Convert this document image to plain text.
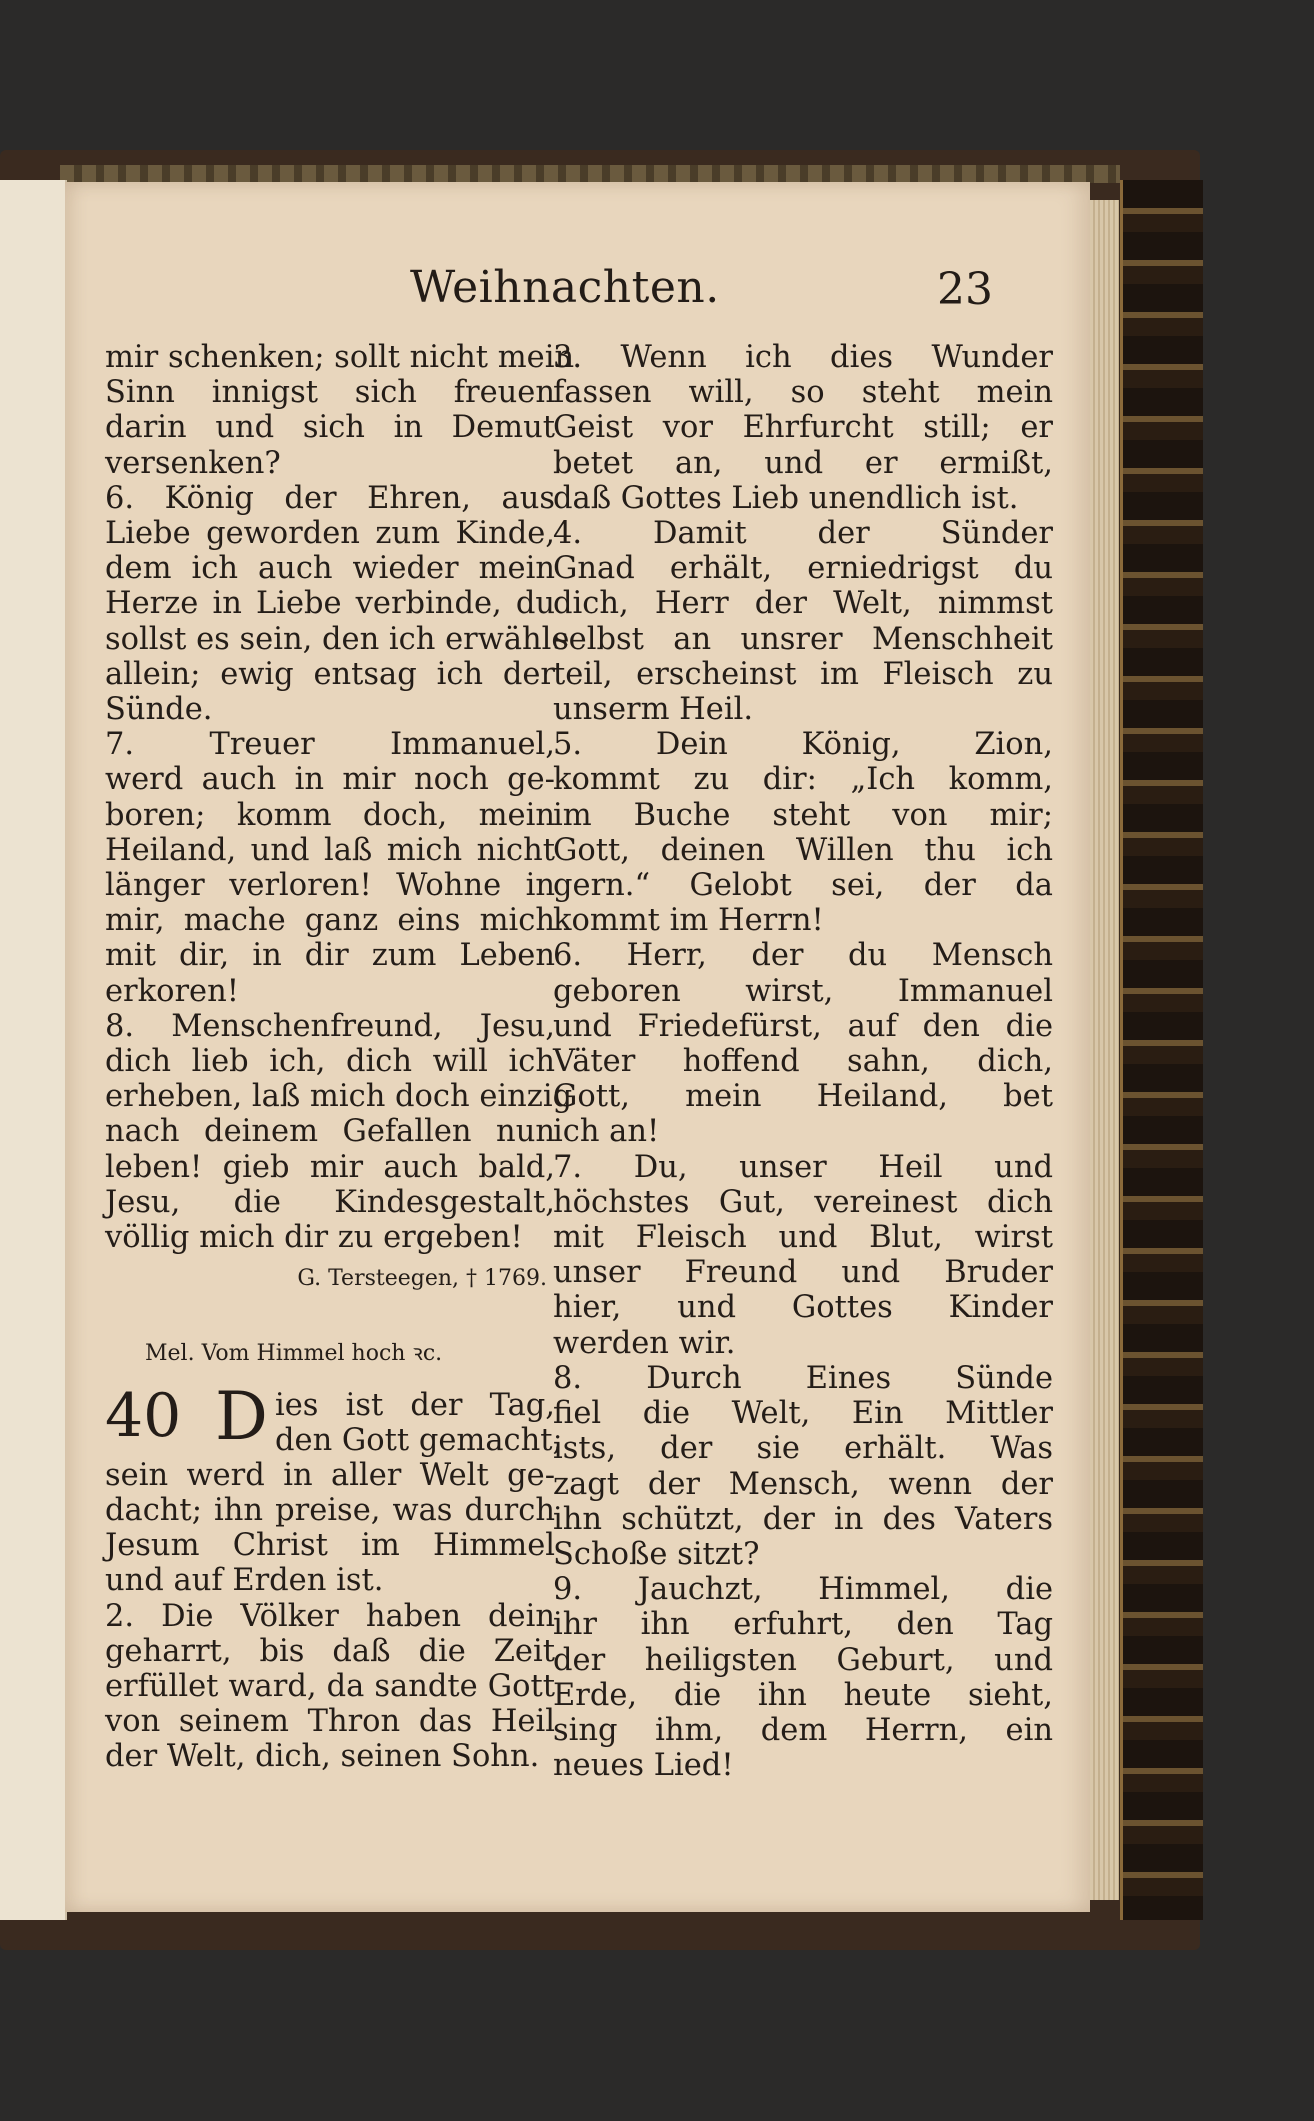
Weihnachten.	23
mir schenken; sollt nicht mein
Sinn innigst sich freuen
darin und sich in Demut
versenken?
6. König der Ehren, aus
Liebe geworden zum Kinde,
dem ich auch wieder mein
Herze in Liebe verbinde, du
sollst es sein, den ich erwähle
allein; ewig entsag ich der
Sünde.
7. Treuer Immanuel,
werd auch in mir noch ge-
boren; komm doch, mein
Heiland, und laß mich nicht
länger verloren! Wohne in
mir, mache ganz eins mich
mit dir, in dir zum Leben
erkoren!
8. Menschenfreund, Jesu,
dich lieb ich, dich will ich
erheben, laß mich doch einzig
nach deinem Gefallen nun
leben! gieb mir auch bald,
Jesu, die Kindesgestalt,
völlig mich dir zu ergeben!
G. Tersteegen, † 1769.
Mel. Vom Himmel hoch ꝛc.
40 D ies ist der Tag,
den Gott gemacht,
sein werd in aller Welt ge-
dacht; ihn preise, was durch
Jesum Christ im Himmel
und auf Erden ist.
2. Die Völker haben dein
geharrt, bis daß die Zeit
erfüllet ward, da sandte Gott
von seinem Thron das Heil
der Welt, dich, seinen Sohn.
3. Wenn ich dies Wunder
fassen will, so steht mein
Geist vor Ehrfurcht still; er
betet an, und er ermißt,
daß Gottes Lieb unendlich ist.
4. Damit der Sünder
Gnad erhält, erniedrigst du
dich, Herr der Welt, nimmst
selbst an unsrer Menschheit
teil, erscheinst im Fleisch zu
unserm Heil.
5. Dein König, Zion,
kommt zu dir: „Ich komm,
im Buche steht von mir;
Gott, deinen Willen thu ich
gern.“ Gelobt sei, der da
kommt im Herrn!
6. Herr, der du Mensch
geboren wirst, Immanuel
und Friedefürst, auf den die
Väter hoffend sahn, dich,
Gott, mein Heiland, bet
ich an!
7. Du, unser Heil und
höchstes Gut, vereinest dich
mit Fleisch und Blut, wirst
unser Freund und Bruder
hier, und Gottes Kinder
werden wir.
8. Durch Eines Sünde
fiel die Welt, Ein Mittler
ists, der sie erhält. Was
zagt der Mensch, wenn der
ihn schützt, der in des Vaters
Schoße sitzt?
9. Jauchzt, Himmel, die
ihr ihn erfuhrt, den Tag
der heiligsten Geburt, und
Erde, die ihn heute sieht,
sing ihm, dem Herrn, ein
neues Lied!
